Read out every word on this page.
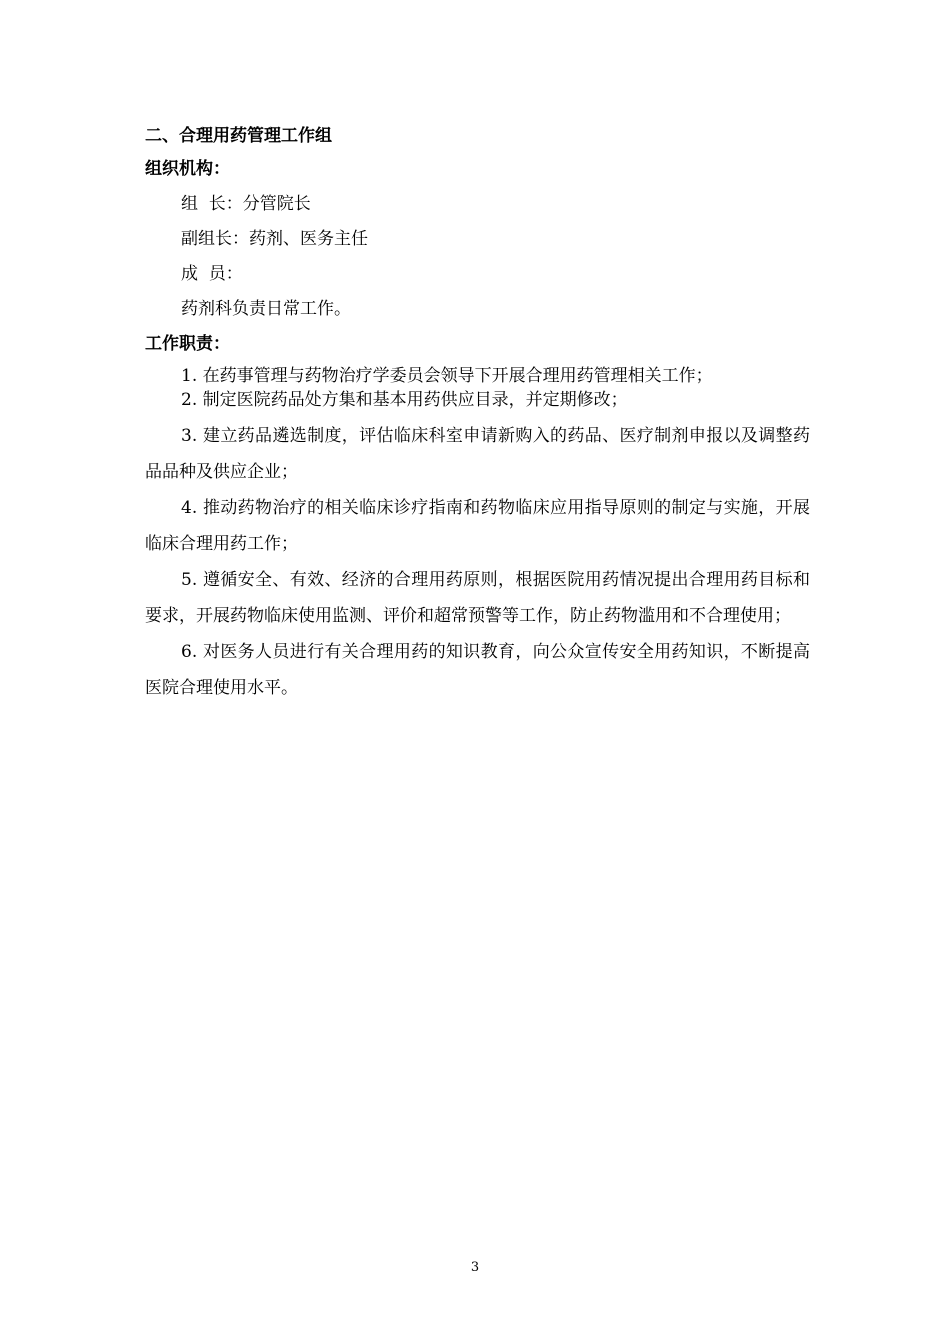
二、合理用药管理工作组

组织机构：

组  长：分管院长

副组长：药剂、医务主任

成  员：

药剂科负责日常工作。

工作职责：

1. 在药事管理与药物治疗学委员会领导下开展合理用药管理相关工作；

2. 制定医院药品处方集和基本用药供应目录，并定期修改；

3. 建立药品遴选制度，评估临床科室申请新购入的药品、医疗制剂申报以及调整药品品种及供应企业；

4. 推动药物治疗的相关临床诊疗指南和药物临床应用指导原则的制定与实施，开展临床合理用药工作；

5. 遵循安全、有效、经济的合理用药原则，根据医院用药情况提出合理用药目标和要求，开展药物临床使用监测、评价和超常预警等工作，防止药物滥用和不合理使用；

6. 对医务人员进行有关合理用药的知识教育，向公众宣传安全用药知识，不断提高医院合理使用水平。

3
